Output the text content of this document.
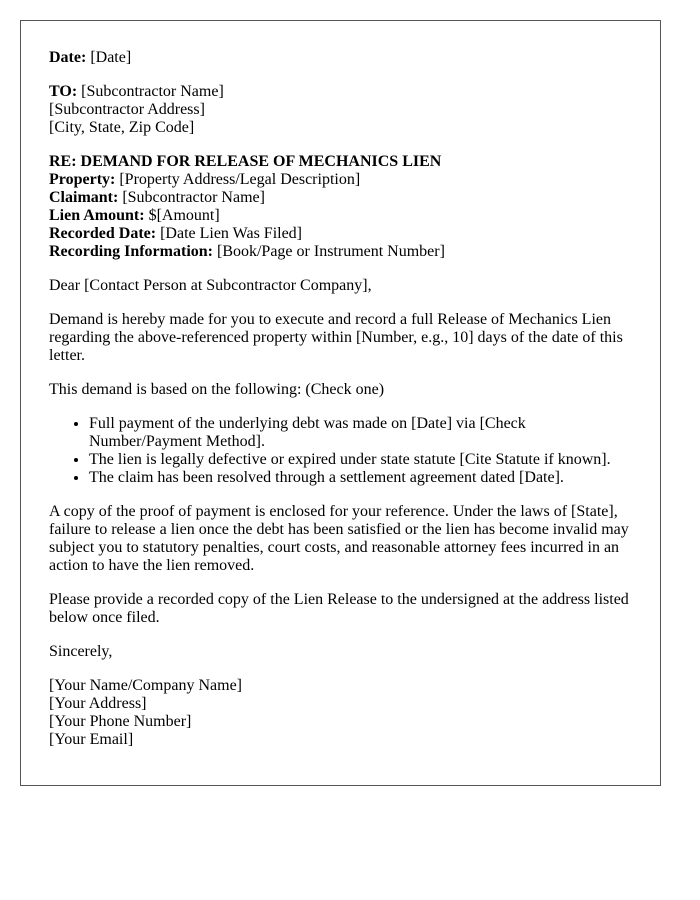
Date: [Date]

TO: [Subcontractor Name]
[Subcontractor Address]
[City, State, Zip Code]

RE: DEMAND FOR RELEASE OF MECHANICS LIEN
Property: [Property Address/Legal Description]
Claimant: [Subcontractor Name]
Lien Amount: $[Amount]
Recorded Date: [Date Lien Was Filed]
Recording Information: [Book/Page or Instrument Number]

Dear [Contact Person at Subcontractor Company],

Demand is hereby made for you to execute and record a full Release of Mechanics Lien regarding the above-referenced property within [Number, e.g., 10] days of the date of this letter.

This demand is based on the following: (Check one)

• Full payment of the underlying debt was made on [Date] via [Check Number/Payment Method].
• The lien is legally defective or expired under state statute [Cite Statute if known].
• The claim has been resolved through a settlement agreement dated [Date].

A copy of the proof of payment is enclosed for your reference. Under the laws of [State], failure to release a lien once the debt has been satisfied or the lien has become invalid may subject you to statutory penalties, court costs, and reasonable attorney fees incurred in an action to have the lien removed.

Please provide a recorded copy of the Lien Release to the undersigned at the address listed below once filed.

Sincerely,

[Your Name/Company Name]
[Your Address]
[Your Phone Number]
[Your Email]
